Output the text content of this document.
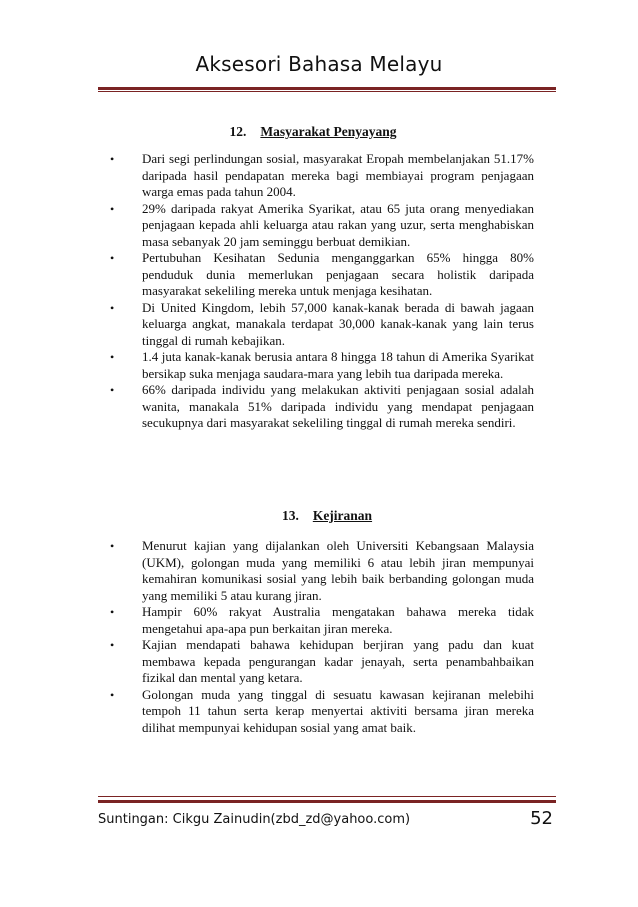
Aksesori Bahasa Melayu
12. Masyarakat Penyayang
• Dari segi perlindungan sosial, masyarakat Eropah membelanjakan 51.17% daripada hasil pendapatan mereka bagi membiayai program penjagaan warga emas pada tahun 2004.
• 29% daripada rakyat Amerika Syarikat, atau 65 juta orang menyediakan penjagaan kepada ahli keluarga atau rakan yang uzur, serta menghabiskan masa sebanyak 20 jam seminggu berbuat demikian.
• Pertubuhan Kesihatan Sedunia menganggarkan 65% hingga 80% penduduk dunia memerlukan penjagaan secara holistik daripada masyarakat sekeliling mereka untuk menjaga kesihatan.
• Di United Kingdom, lebih 57,000 kanak-kanak berada di bawah jagaan keluarga angkat, manakala terdapat 30,000 kanak-kanak yang lain terus tinggal di rumah kebajikan.
• 1.4 juta kanak-kanak berusia antara 8 hingga 18 tahun di Amerika Syarikat bersikap suka menjaga saudara-mara yang lebih tua daripada mereka.
• 66% daripada individu yang melakukan aktiviti penjagaan sosial adalah wanita, manakala 51% daripada individu yang mendapat penjagaan secukupnya dari masyarakat sekeliling tinggal di rumah mereka sendiri.
13. Kejiranan
• Menurut kajian yang dijalankan oleh Universiti Kebangsaan Malaysia (UKM), golongan muda yang memiliki 6 atau lebih jiran mempunyai kemahiran komunikasi sosial yang lebih baik berbanding golongan muda yang memiliki 5 atau kurang jiran.
• Hampir 60% rakyat Australia mengatakan bahawa mereka tidak mengetahui apa-apa pun berkaitan jiran mereka.
• Kajian mendapati bahawa kehidupan berjiran yang padu dan kuat membawa kepada pengurangan kadar jenayah, serta penambahbaikan fizikal dan mental yang ketara.
• Golongan muda yang tinggal di sesuatu kawasan kejiranan melebihi tempoh 11 tahun serta kerap menyertai aktiviti bersama jiran mereka dilihat mempunyai kehidupan sosial yang amat baik.
Suntingan: Cikgu Zainudin(zbd_zd@yahoo.com)	52
